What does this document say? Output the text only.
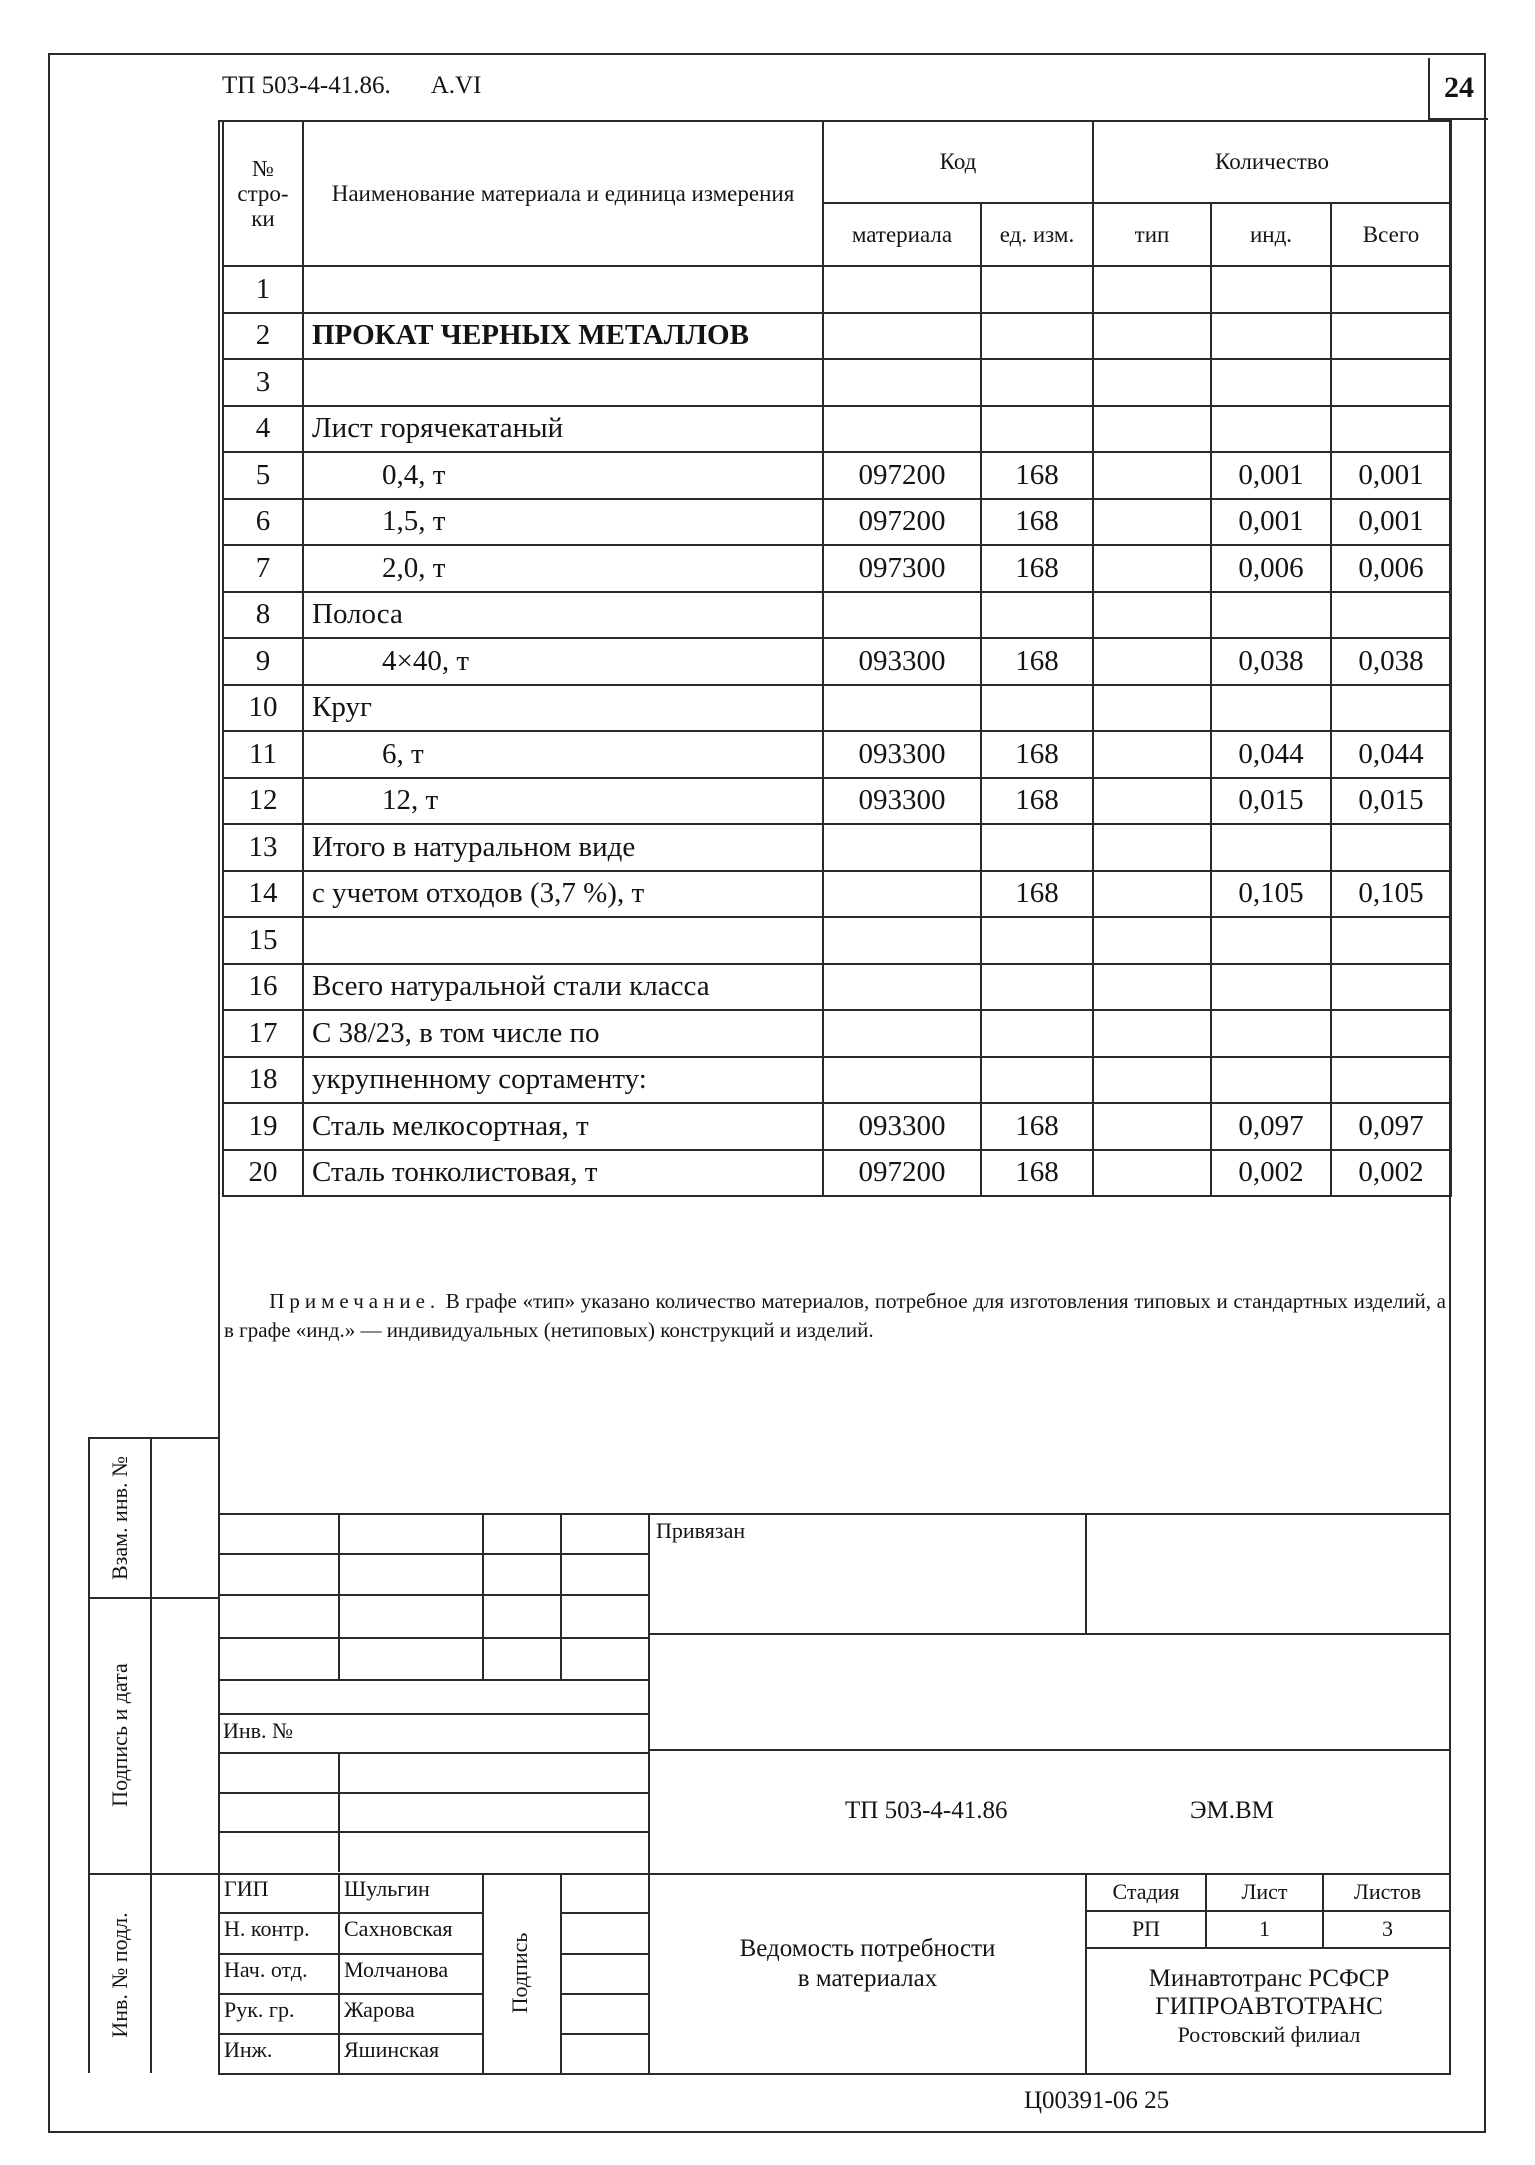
24
ТП 503-4-41.86. A.VI
№ стро- ки	Наименование материала и единица измерения	Код		Количество		
		материала	ед. изм.	тип	инд.	Всего
1						
2	ПРОКАТ ЧЕРНЫХ МЕТАЛЛОВ					
3						
4	Лист горячекатаный					
5	0,4, т	097200	168		0,001	0,001
6	1,5, т	097200	168		0,001	0,001
7	2,0, т	097300	168		0,006	0,006
8	Полоса					
9	4×40, т	093300	168		0,038	0,038
10	Круг					
11	6, т	093300	168		0,044	0,044
12	12, т	093300	168		0,015	0,015
13	Итого в натуральном виде					
14	с учетом отходов (3,7 %), т		168		0,105	0,105
15						
16	Всего натуральной стали класса					
17	С 38/23, в том числе по					
18	укрупненному сортаменту:					
19	Сталь мелкосортная, т	093300	168		0,097	0,097
20	Сталь тонколистовая, т	097200	168		0,002	0,002
Примечание. В графе «тип» указано количество материалов, потребное для изготовления типовых и стандартных изделий, а в графе «инд.» — индивидуальных (нетиповых) конструкций и изделий.
Взам. инв. №
Подпись и дата
Инв. № подл.	Подпись
Привязан
Инв. №
ТП 503-4-41.86	ЭМ.ВМ
ГИП	Шульгин
Н. контр. Сахновская
Нач. отд. Молчанова
Рук. гр. Жарова
Инж.	Яшинская
Ведомость потребности
в материалах
Стадия	Лист	Листов
РП	1	3
Минавтотранс РСФСР
ГИПРОАВТОТРАНС
Ростовский филиал
Ц00391-06 25
